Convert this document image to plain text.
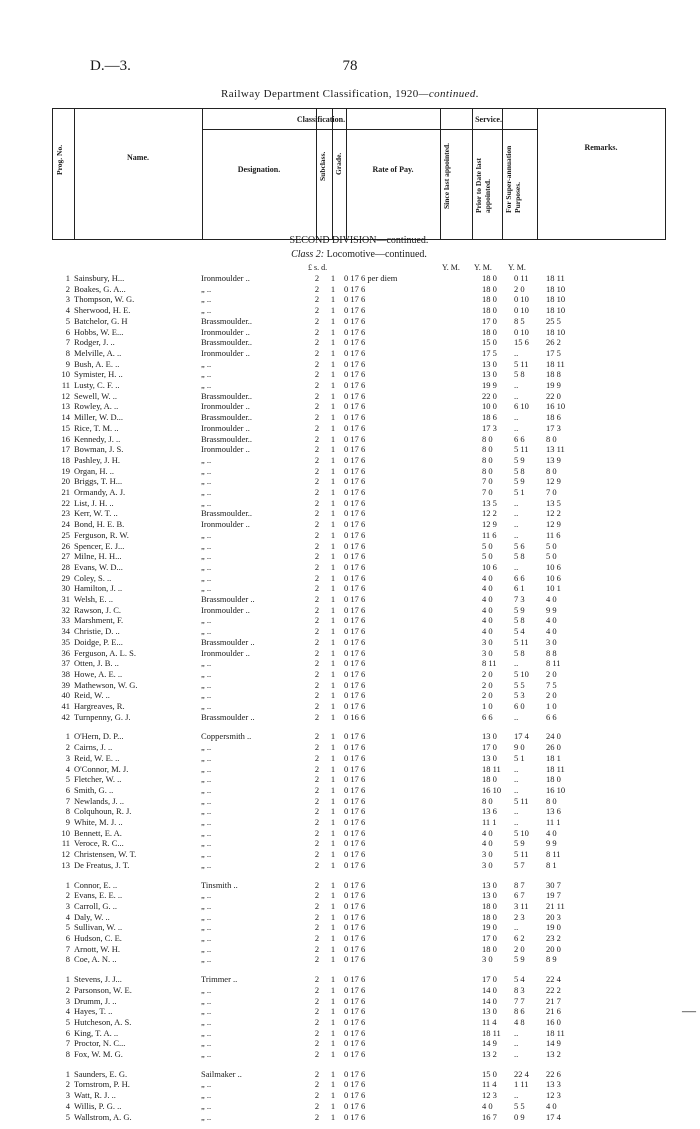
D.—3.	78
Railway Department Classification, 1920—continued.
Prog. No.	Name.
Classification.
Designation.	Subclass. Grade.	Rate of Pay.
Service.
Since last appointed.	Prior to Date last appointed. For Super-annuation Purposes.
Remarks.
SECOND DIVISION—continued.
Class 2: Locomotive—continued.
£ s. d.	Y. M. Y. M. Y. M.
1 Sainsbury, H...	Ironmoulder ..	2	1	0 17 6 per diem	18 0	0 11	18 11
2 Boakes, G. A...	„ ..	2	1	0 17 6	18 0	2 0	18 10
3 Thompson, W. G.	„ ..	2	1	0 17 6	18 0	0 10	18 10
4 Sherwood, H. E.	„ ..	2	1	0 17 6	18 0	0 10	18 10
5 Batchelor, G. H	Brassmoulder..	2	1	0 17 6	17 0	8 5	25 5
6 Hobbs, W. E...	Ironmoulder ..	2	1	0 17 6	18 0	0 10	18 10
7 Rodger, J. ..	Brassmoulder..	2	1	0 17 6	15 0	15 6	26 2
8 Melville, A. ..	Ironmoulder ..	2	1	0 17 6	17 5	..	17 5
9 Bush, A. E. ..	„ ..	2	1	0 17 6	13 0	5 11	18 11
10 Symister, H. ..	„ ..	2	1	0 17 6	13 0	5 8	18 8
11 Lusty, C. F. ..	„ ..	2	1	0 17 6	19 9	..	19 9
12 Sewell, W. ..	Brassmoulder..	2	1	0 17 6	22 0	..	22 0
13 Rowley, A. ..	Ironmoulder ..	2	1	0 17 6	10 0	6 10	16 10
14 Miller, W. D...	Brassmoulder..	2	1	0 17 6	18 6	..	18 6
15 Rice, T. M. ..	Ironmoulder ..	2	1	0 17 6	17 3	..	17 3
16 Kennedy, J. ..	Brassmoulder..	2	1	0 17 6	8 0	6 6	8 0
17 Bowman, J. S.	Ironmoulder ..	2	1	0 17 6	8 0	5 11	13 11
18 Pashley, J. H.	„ ..	2	1	0 17 6	8 0	5 9	13 9
19 Organ, H. ..	„ ..	2	1	0 17 6	8 0	5 8	8 0
20 Briggs, T. H...	„ ..	2	1	0 17 6	7 0	5 9	12 9
21 Ormandy, A. J.	„ ..	2	1	0 17 6	7 0	5 1	7 0
22 List, J. H. ..	„ ..	2	1	0 17 6	13 5	..	13 5
23 Kerr, W. T. ..	Brassmoulder..	2	1	0 17 6	12 2	..	12 2
24 Bond, H. E. B.	Ironmoulder ..	2	1	0 17 6	12 9	..	12 9
25 Ferguson, R. W.	„ ..	2	1	0 17 6	11 6	..	11 6
26 Spencer, E. J...	„ ..	2	1	0 17 6	5 0	5 6	5 0
27 Milne, H. H...	„ ..	2	1	0 17 6	5 0	5 8	5 0
28 Evans, W. D...	„ ..	2	1	0 17 6	10 6	..	10 6
29 Coley, S. ..	„ ..	2	1	0 17 6	4 0	6 6	10 6
30 Hamilton, J. ..	„ ..	2	1	0 17 6	4 0	6 1	10 1
31 Welsh, E. ..	Brassmoulder ..	2	1	0 17 6	4 0	7 3	4 0
32 Rawson, J. C.	Ironmoulder ..	2	1	0 17 6	4 0	5 9	9 9
33 Marshment, F.	„ ..	2	1	0 17 6	4 0	5 8	4 0
34 Christie, D. ..	„ ..	2	1	0 17 6	4 0	5 4	4 0
35 Doidge, P. E...	Brassmoulder ..	2	1	0 17 6	3 0	5 11	3 0
36 Ferguson, A. L. S.	Ironmoulder ..	2	1	0 17 6	3 0	5 8	8 8
37 Otten, J. B. ..	„ ..	2	1	0 17 6	8 11	..	8 11
38 Howe, A. E. ..	„ ..	2	1	0 17 6	2 0	5 10	2 0
39 Mathewson, W. G.	„ ..	2	1	0 17 6	2 0	5 5	7 5
40 Reid, W. ..	„ ..	2	1	0 17 6	2 0	5 3	2 0
41 Hargreaves, R.	„ ..	2	1	0 17 6	1 0	6 0	1 0
42 Turnpenny, G. J.	Brassmoulder ..	2	1	0 16 6	6 6	..	6 6
1 O'Hern, D. P...	Coppersmith ..	2	1	0 17 6	13 0	17 4	24 0
2 Cairns, J. ..	„ ..	2	1	0 17 6	17 0	9 0	26 0
3 Reid, W. E. ..	„ ..	2	1	0 17 6	13 0	5 1	18 1
4 O'Connor, M. J.	„ ..	2	1	0 17 6	18 11	..	18 11
5 Fletcher, W. ..	„ ..	2	1	0 17 6	18 0	..	18 0
6 Smith, G. ..	„ ..	2	1	0 17 6	16 10	..	16 10
7 Newlands, J. ..	„ ..	2	1	0 17 6	8 0	5 11	8 0
8 Colquhoun, R. J.	„ ..	2	1	0 17 6	13 6	..	13 6
9 White, M. J. ..	„ ..	2	1	0 17 6	11 1	..	11 1
10 Bennett, E. A.	„ ..	2	1	0 17 6	4 0	5 10	4 0
11 Veroce, R. C...	„ ..	2	1	0 17 6	4 0	5 9	9 9
12 Christensen, W. T.	„ ..	2	1	0 17 6	3 0	5 11	8 11
13 De Freatus, J. T.	„ ..	2	1	0 17 6	3 0	5 7	8 1
1 Connor, E. ..	Tinsmith ..	2	1	0 17 6	13 0	8 7	30 7
2 Evans, E. E. ..	„ ..	2	1	0 17 6	13 0	6 7	19 7
3 Carroll, G. ..	„ ..	2	1	0 17 6	18 0	3 11	21 11
4 Daly, W. ..	„ ..	2	1	0 17 6	18 0	2 3	20 3
5 Sullivan, W. ..	„ ..	2	1	0 17 6	19 0	..	19 0
6 Hudson, C. E.	„ ..	2	1	0 17 6	17 0	6 2	23 2
7 Arnott, W. H.	„ ..	2	1	0 17 6	18 0	2 0	20 0
8 Coe, A. N. ..	„ ..	2	1	0 17 6	3 0	5 9	8 9
1 Stevens, J. J...	Trimmer ..	2	1	0 17 6	17 0	5 4	22 4
2 Parsonson, W. E.	„ ..	2	1	0 17 6	14 0	8 3	22 2
3 Drumm, J. ..	„ ..	2	1	0 17 6	14 0	7 7	21 7
4 Hayes, T. ..	„ ..	2	1	0 17 6	13 0	8 6	21 6
5 Hutcheson, A. S.	„ ..	2	1	0 17 6	11 4	4 8	16 0
6 King, T. A. ..	„ ..	2	1	0 17 6	18 11	..	18 11
7 Proctor, N. C...	„ ..	2	1	0 17 6	14 9	..	14 9
8 Fox, W. M. G.	„ ..	2	1	0 17 6	13 2	..	13 2
1 Saunders, E. G.	Sailmaker ..	2	1	0 17 6	15 0	22 4	22 6
2 Tornstrom, P. H.	„ ..	2	1	0 17 6	11 4	1 11	13 3
3 Watt, R. J. ..	„ ..	2	1	0 17 6	12 3	..	12 3
4 Willis, P. G. ..	„ ..	2	1	0 17 6	4 0	5 5	4 0
5 Wallstrom, A. G.	„ ..	2	1	0 17 6	16 7	0 9	17 4
—
